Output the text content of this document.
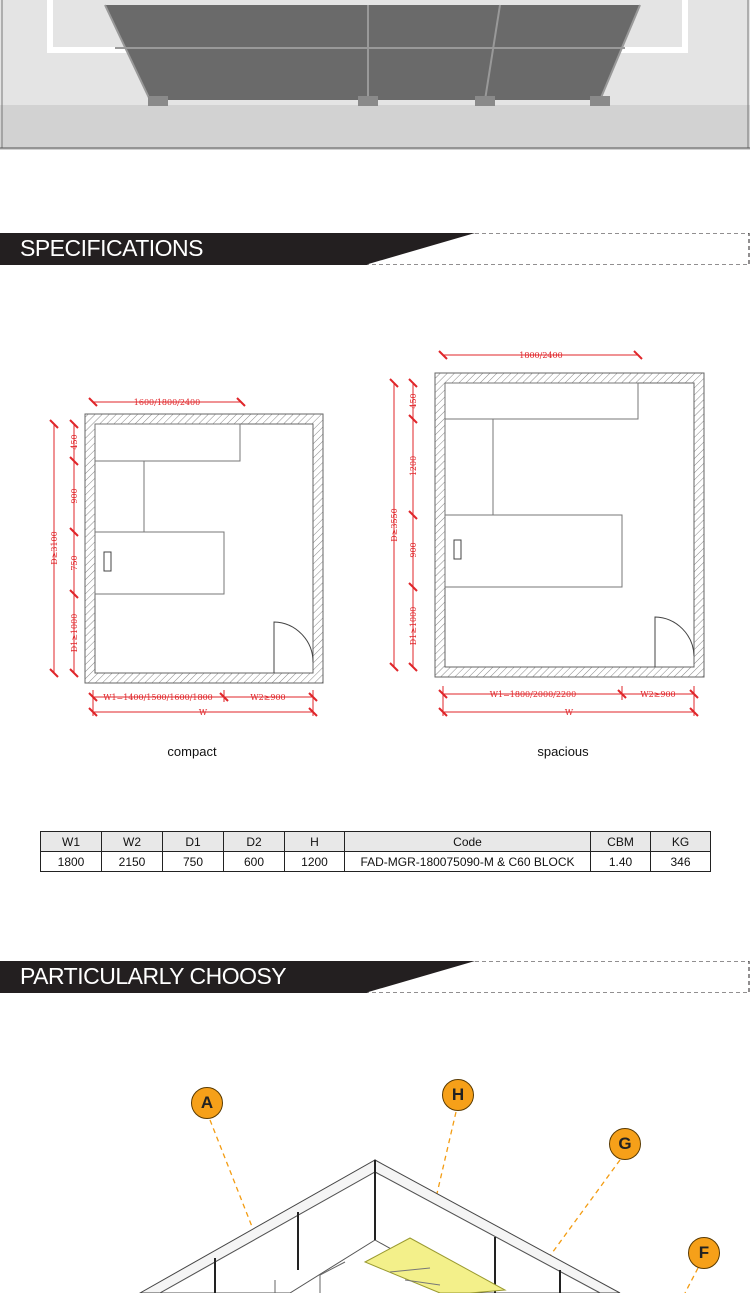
SPECIFICATIONS
1600/1800/2400
D≥3100
450
900
750
D1≥1000
W1=1400/1500/1600/1800	W2≥900
W
1800/2400
D≥3550
450
1200
900
D1≥1000
W1=1800/2000/2200	W2≥900
W
compact	spacious
W1	W2	D1	D2	H	Code	CBM	KG
1800	2150	750	600	1200	FAD-MGR-180075090-M & C60 BLOCK	1.40	346
PARTICULARLY CHOOSY
A	H
G
F
